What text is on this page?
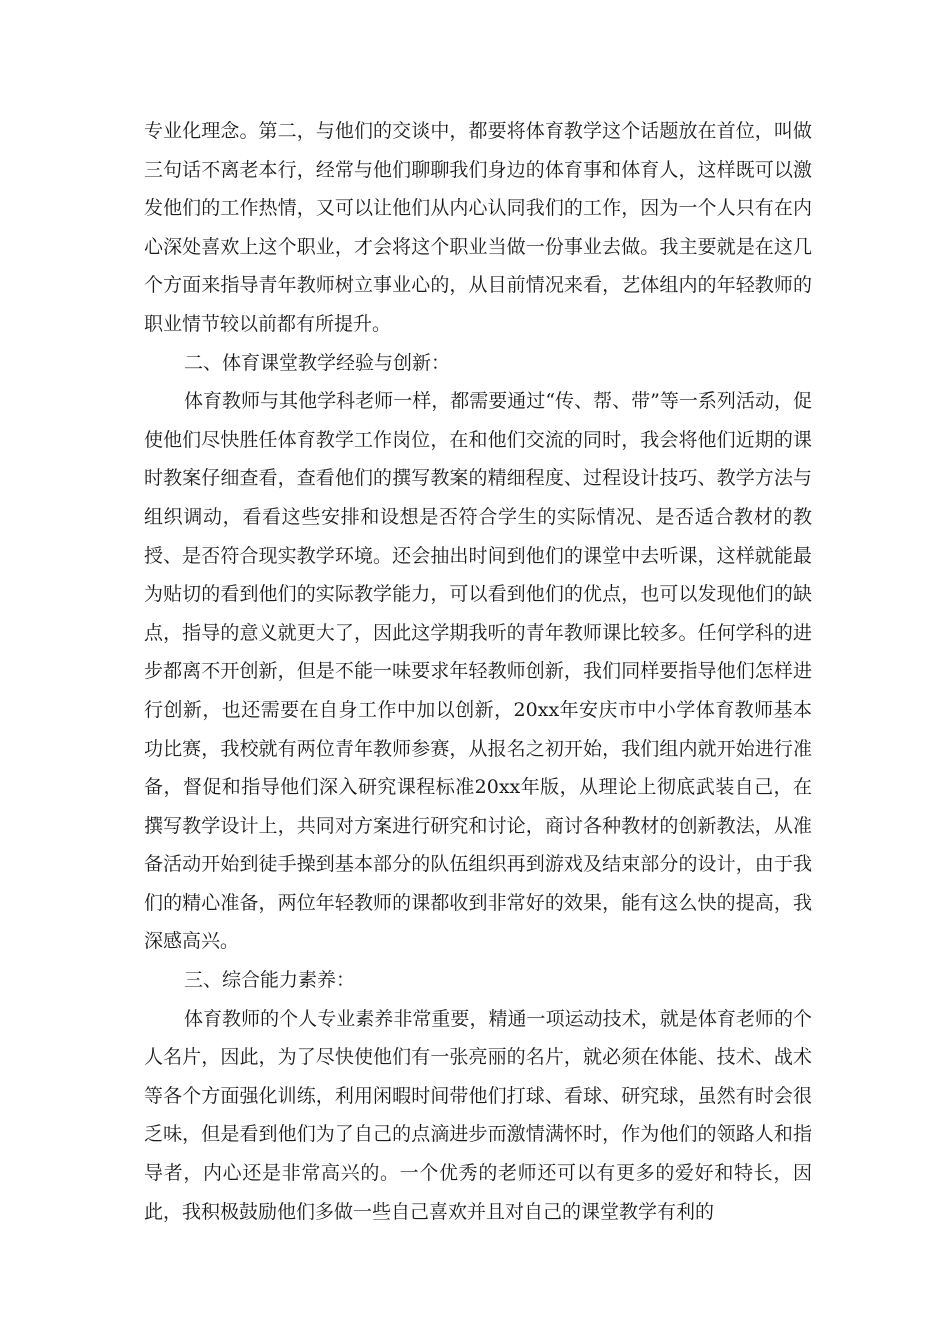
专业化理念。第二，与他们的交谈中，都要将体育教学这个话题放在首位，叫做三句话不离老本行，经常与他们聊聊我们身边的体育事和体育人，这样既可以激发他们的工作热情，又可以让他们从内心认同我们的工作，因为一个人只有在内心深处喜欢上这个职业，才会将这个职业当做一份事业去做。我主要就是在这几个方面来指导青年教师树立事业心的，从目前情况来看，艺体组内的年轻教师的职业情节较以前都有所提升。

二、体育课堂教学经验与创新：

体育教师与其他学科老师一样，都需要通过“传、帮、带”等一系列活动，促使他们尽快胜任体育教学工作岗位，在和他们交流的同时，我会将他们近期的课时教案仔细查看，查看他们的撰写教案的精细程度、过程设计技巧、教学方法与组织调动，看看这些安排和设想是否符合学生的实际情况、是否适合教材的教授、是否符合现实教学环境。还会抽出时间到他们的课堂中去听课，这样就能最为贴切的看到他们的实际教学能力，可以看到他们的优点，也可以发现他们的缺点，指导的意义就更大了，因此这学期我听的青年教师课比较多。任何学科的进步都离不开创新，但是不能一味要求年轻教师创新，我们同样要指导他们怎样进行创新，也还需要在自身工作中加以创新，20xx年安庆市中小学体育教师基本功比赛，我校就有两位青年教师参赛，从报名之初开始，我们组内就开始进行准备，督促和指导他们深入研究课程标准20xx年版，从理论上彻底武装自己，在撰写教学设计上，共同对方案进行研究和讨论，商讨各种教材的创新教法，从准备活动开始到徒手操到基本部分的队伍组织再到游戏及结束部分的设计，由于我们的精心准备，两位年轻教师的课都收到非常好的效果，能有这么快的提高，我深感高兴。

三、综合能力素养：

体育教师的个人专业素养非常重要，精通一项运动技术，就是体育老师的个人名片，因此，为了尽快使他们有一张亮丽的名片，就必须在体能、技术、战术等各个方面强化训练，利用闲暇时间带他们打球、看球、研究球，虽然有时会很乏味，但是看到他们为了自己的点滴进步而激情满怀时，作为他们的领路人和指导者，内心还是非常高兴的。一个优秀的老师还可以有更多的爱好和特长，因此，我积极鼓励他们多做一些自己喜欢并且对自己的课堂教学有利的
